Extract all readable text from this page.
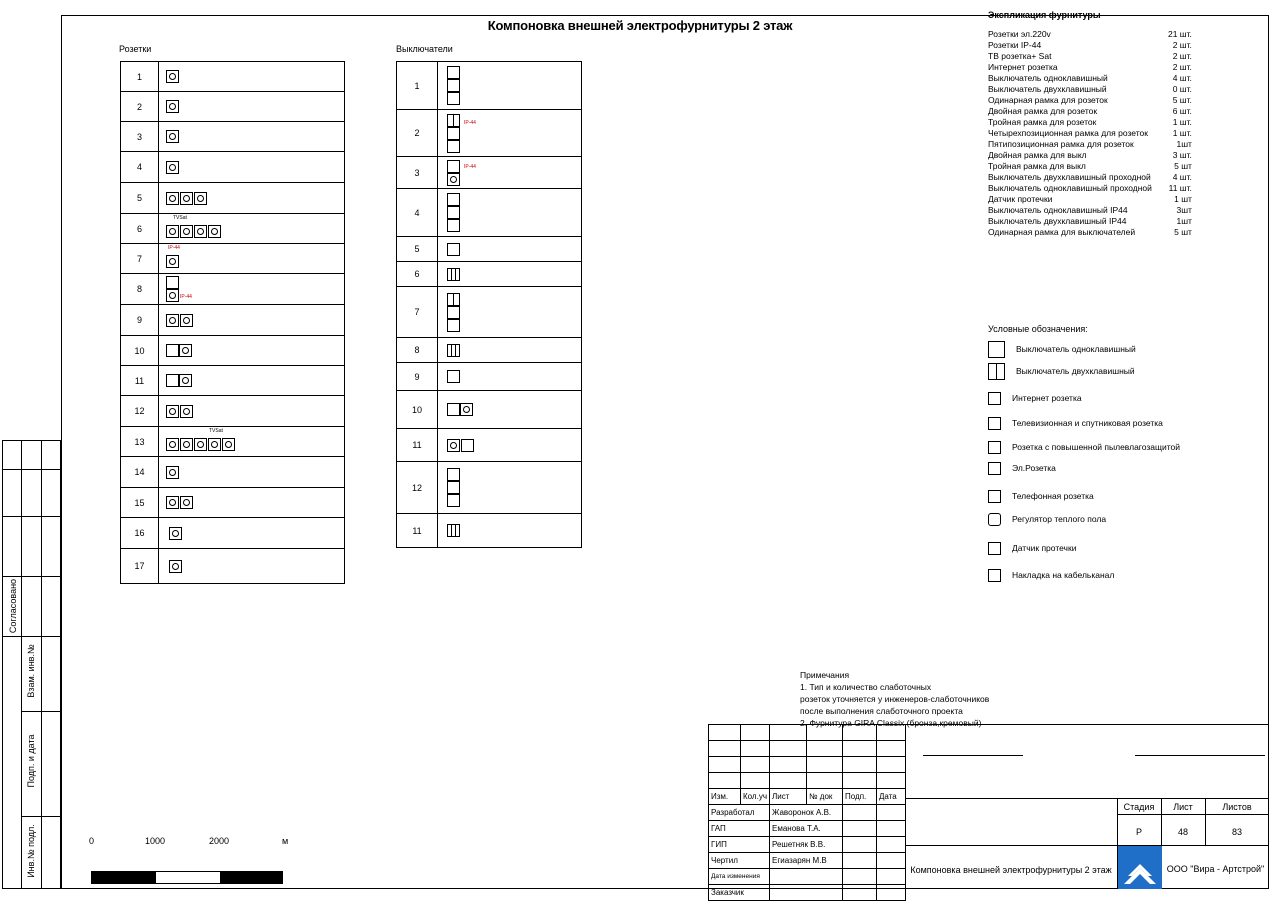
Компоновка внешней электрофурнитуры 2 этаж
Согласовано
Взам. инв.№
Подп. и дата
Инв.№ подл.
Розетки
1	
2	
3	
4	
5	
6	TVSat

7	IP-44

8	IP-44
9	
10	
11	
12	
13	TVSat

14	
15	
16	
17	
Выключатели
1	

2	IP-44

3	IP-44

4	

5	

6	

7	

8	

9	

10	
11	
12	

11	
Экспликация фурнитуры
Розетки эл.220v	21 шт.
Розетки IP-44	2 шт.
ТВ розетка+ Sat	2 шт.
Интернет розетка	2 шт.
Выключатель одноклавишный	4 шт.
Выключатель двухклавишный	0 шт.
Одинарная рамка для розеток	5 шт.
Двойная рамка для розеток	6 шт.
Тройная рамка для розеток	1 шт.
Четырехпозиционная рамка для розеток	1 шт.
Пятипозиционная рамка для розеток	1шт
Двойная рамка для выкл	3 шт.
Тройная рамка для выкл	5 шт
Выключатель двухклавишный проходной	4 шт.
Выключатель одноклавишный проходной	11 шт.
Датчик протечки	1 шт
Выключатель одноклавишный IP44	3шт
Выключатель двухклавишный IP44	1шт
Одинарная рамка для выключателей	5 шт
Условные обозначения:
Выключатель одноклавишный
Выключатель двухклавишный
Интернет розетка
Телевизионная и спутниковая розетка
Розетка с повышенной пылевлагозащитой
Эл.Розетка
Телефонная розетка
Регулятор теплого пола
Датчик протечки
Накладка на кабельканал
Примечания
1. Тип и количество слаботочных
розеток уточняется у инженеров-слаботочников
после выполнения слаботочного проекта
2. Фурнитура GIRA Classix (бронза,кремовый)
0	1000	2000	м

Изм.	Кол.уч	Лист	№ док	Подп.	Дата
Разработал		Жаворонок А.В.			
ГАП		Еманова Т.А.			
ГИП		Решетняк В.В.			
Чертил		Егиазарян М.В			
Дата изменения					
Заказчик					
Стадия	Лист	Листов
Р	48	83
Компоновка внешней электрофурнитуры 2 этаж	ООО "Вира - Артстрой"
